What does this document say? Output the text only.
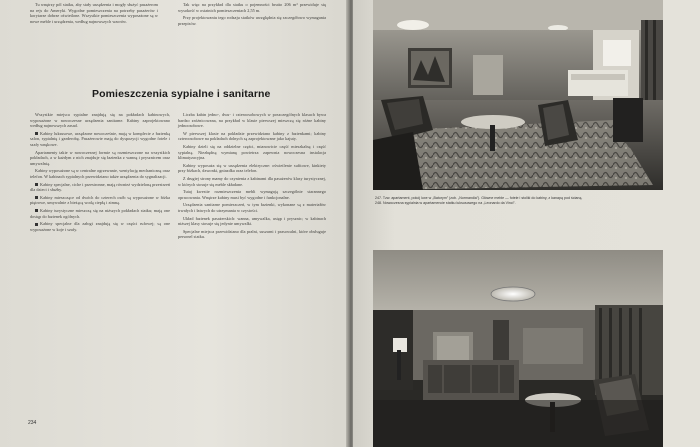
Tu wnętrzy pól statku, aby stały urządzenia i mogły służyć pasażerom na rejs do Ameryki. Wygodne pomieszczenia na potrzeby pasażerów i korytarze dobrze oświetlone. Wszystkie pomieszczenia wyposażone są w nowe meble i urządzenia, według najnowszych wzorów.

Tak więc na przykład dla statku o pojemności brutto 206 m³ przewiduje się wysokość w ostatnich pomieszczeniach 2,55 m.

Przy projektowaniu tego rodzaju statków uwzględnia się szczegółowo wymagania przepisów.

Pomieszczenia sypialne i sanitarne

Wszystkie miejsca sypialne znajdują się na pokładach kabinowych, wyposażone w nowoczesne urządzenia sanitarne. Kabiny zaprojektowano według najnowszych zasad.

Kabiny luksusowe, urządzone nowocześnie, mają w komplecie z łazienką salon, sypialnię i garderobę. Pasażerowie mają do dyspozycji wygodne fotele i szafy wnękowe.

Apartamenty takie w nowoczesnej formie są rozmieszczone na wszystkich pokładach, a w każdym z nich znajduje się łazienka z wanną i prysznicem oraz umywalnią.

Kabiny wyposażone są w centralne ogrzewanie, wentylację mechaniczną oraz telefon. W kabinach sypialnych przewidziano także urządzenia do sygnalizacji.

Kabiny specjalne, ciche i przestronne, mają również wydzieloną przestrzeń dla dzieci i służby.

Kabiny mieszczące od dwóch do czterech osób są wyposażone w łóżka piętrowe, umywalnie z bieżącą wodą ciepłą i zimną.

Kabiny turystyczne mieszczą się na niższych pokładach statku; mają one dostęp do łazienek ogólnych.

Kabiny specjalne dla załogi znajdują się w części rufowej; są one wyposażone w koje i szafy.

Liczba kabin jedno-, dwu- i czteroosobowych w poszczególnych klasach bywa bardzo zróżnicowana, na przykład w klasie pierwszej mieszczą się różne kabiny jednoosobowe.

W pierwszej klasie na pokładzie przewidziano kabiny z łazienkami; kabiny czteroosobowe na pokładach dolnych są zaprojektowane jako kajuty.

Kabiny dzieli się na oddzielne części, mianowicie część mieszkalną i część sypialną. Niezbędną wymianę powietrza zapewnia nowoczesna instalacja klimatyzacyjna.

Kabiny wyposaża się w urządzenia elektryczne: oświetlenie sufitowe, kinkiety przy łóżkach, dzwonki, gniazdka oraz telefon.

Z drugiej strony mamy do czynienia z kabinami dla pasażerów klasy turystycznej, w których stosuje się meble składane.

Tutaj kwestie rozmieszczenia mebli wymagają szczególnie starannego opracowania. Wnętrze kabiny musi być wygodne i funkcjonalne.

Urządzenia sanitarne pomieszczeń, w tym łazienki, wykonane są z materiałów trwałych i łatwych do utrzymania w czystości.

Układ łazienek pasażerskich: wanna, umywalka, ustęp i prysznic; w kabinach niższej klasy stosuje się jedynie umywalki.

Specjalne miejsca przewidziano dla pralni, suszarni i prasowalni, które obsługuje personel statku.

234
247. Tzw. apartament, pokój luxe w „Batorym” (zob. „Normandia”). Główne meble — fotele i stoliki do kabiny, z kanapą pod ścianą.
248. Nowoczesna sypialnia w apartamencie statku luksusowego na „Leonardo da Vinci”.
